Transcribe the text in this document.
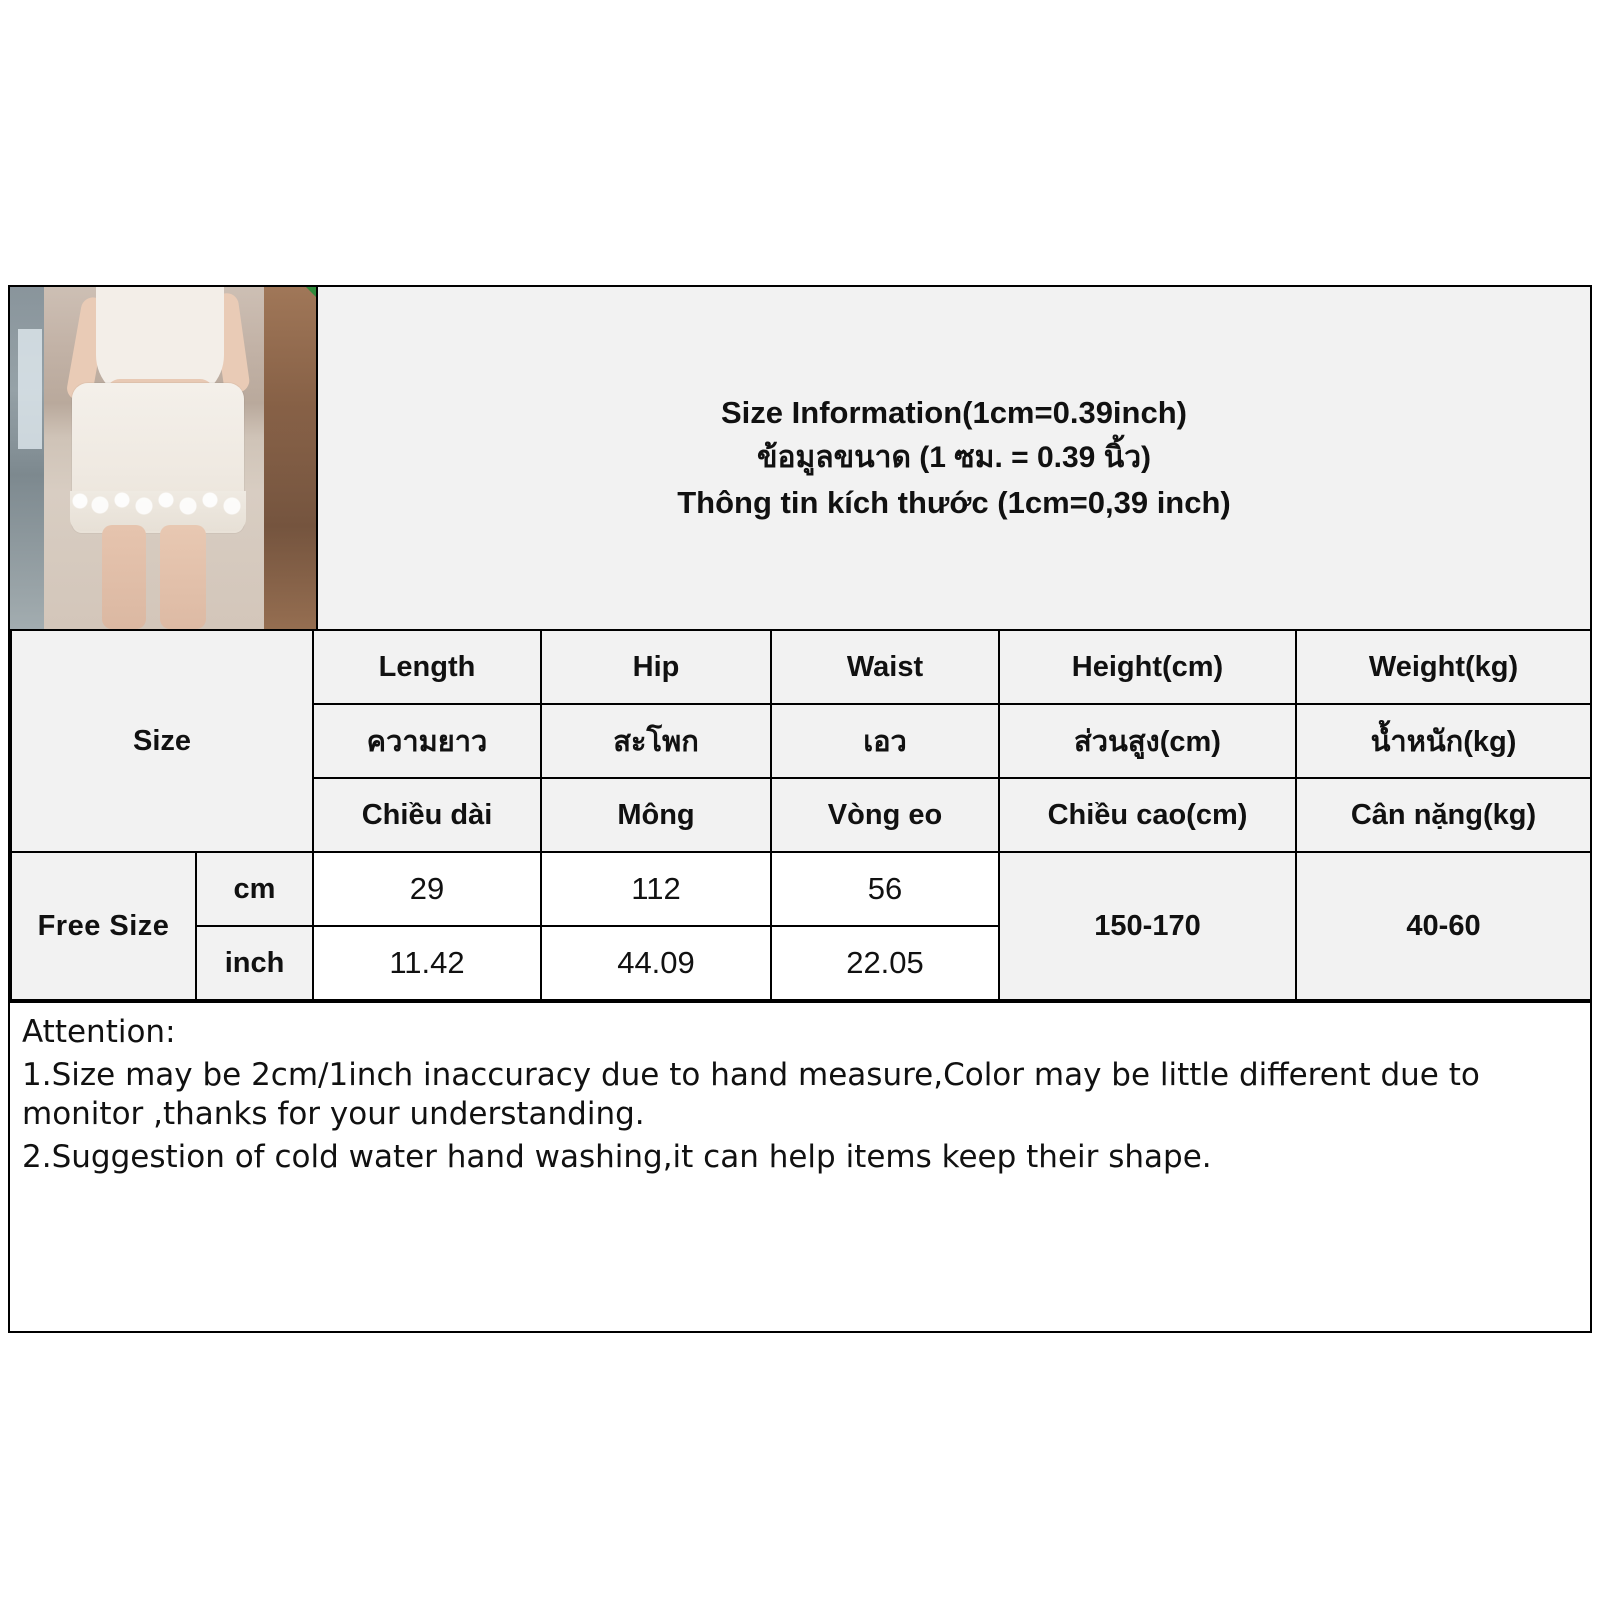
Size Information(1cm=0.39inch)
ข้อมูลขนาด (1 ซม. = 0.39 นิ้ว)
Thông tin kích thước (1cm=0,39 inch)
Size		Length	Hip	Waist	Height(cm)	Weight(kg)
		ความยาว	สะโพก	เอว	ส่วนสูง(cm)	น้ำหนัก(kg)
		Chiều dài	Mông	Vòng eo	Chiều cao(cm)	Cân nặng(kg)
Free Size	cm	29	112	56	150-170	40-60
	inch	11.42	44.09	22.05		

Attention:

1.Size may be 2cm/1inch inaccuracy due to hand measure,Color may be little different due to monitor ,thanks for your understanding.

2.Suggestion of cold water hand washing,it can help items keep their shape.
